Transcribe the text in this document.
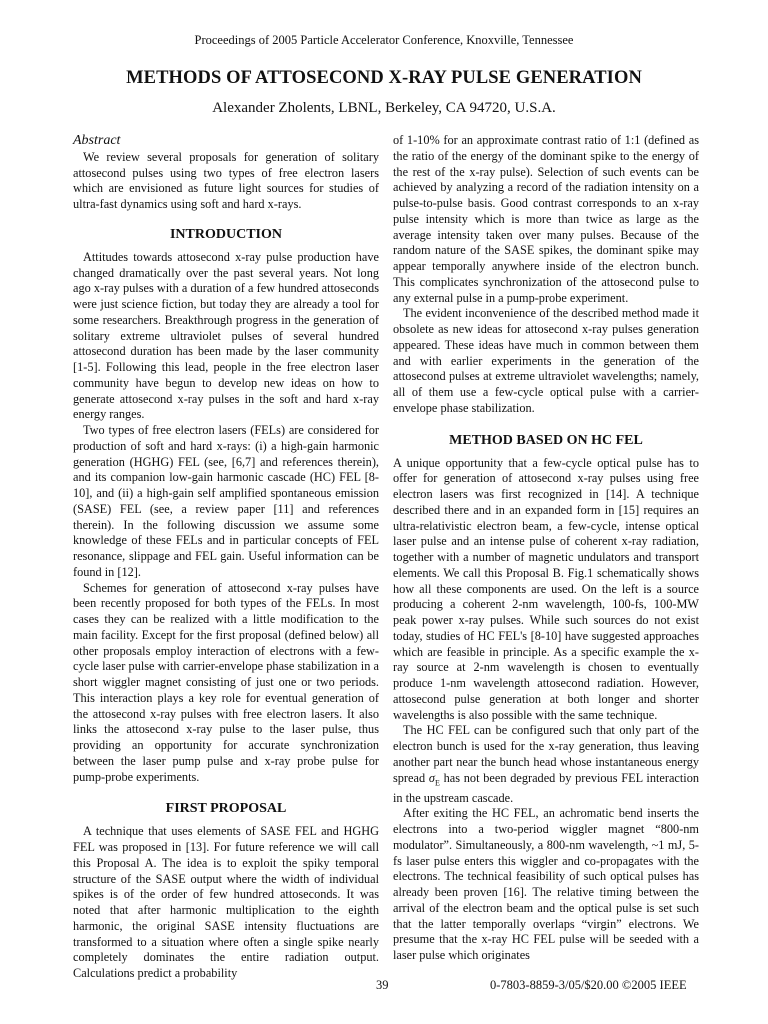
Proceedings of 2005 Particle Accelerator Conference, Knoxville, Tennessee
METHODS OF ATTOSECOND X-RAY PULSE GENERATION
Alexander Zholents, LBNL, Berkeley, CA 94720, U.S.A.
Abstract

We review several proposals for generation of solitary attosecond pulses using two types of free electron lasers which are envisioned as future light sources for studies of ultra-fast dynamics using soft and hard x-rays.

INTRODUCTION

Attitudes towards attosecond x-ray pulse production have changed dramatically over the past several years. Not long ago x-ray pulses with a duration of a few hundred attoseconds were just science fiction, but today they are already a tool for some researchers. Breakthrough progress in the generation of solitary extreme ultraviolet pulses of several hundred attosecond duration has been made by the laser community [1-5]. Following this lead, people in the free electron laser community have begun to develop new ideas on how to generate attosecond x-ray pulses in the soft and hard x-ray energy ranges.

Two types of free electron lasers (FELs) are considered for production of soft and hard x-rays: (i) a high-gain harmonic generation (HGHG) FEL (see, [6,7] and references therein), and its companion low-gain harmonic cascade (HC) FEL [8-10], and (ii) a high-gain self amplified spontaneous emission (SASE) FEL (see, a review paper [11] and references therein). In the following discussion we assume some knowledge of these FELs and in particular concepts of FEL resonance, slippage and FEL gain. Useful information can be found in [12].

Schemes for generation of attosecond x-ray pulses have been recently proposed for both types of the FELs. In most cases they can be realized with a little modification to the main facility. Except for the first proposal (defined below) all other proposals employ interaction of electrons with a few-cycle laser pulse with carrier-envelope phase stabilization in a short wiggler magnet consisting of just one or two periods. This interaction plays a key role for eventual generation of the attosecond x-ray pulses with free electron lasers. It also links the attosecond x-ray pulse to the laser pulse, thus providing an opportunity for accurate synchronization between the laser pump pulse and x-ray probe pulse for pump-probe experiments.

FIRST PROPOSAL

A technique that uses elements of SASE FEL and HGHG FEL was proposed in [13]. For future reference we will call this Proposal A. The idea is to exploit the spiky temporal structure of the SASE output where the width of individual spikes is of the order of few hundred attoseconds. It was noted that after harmonic multiplication to the eighth harmonic, the original SASE intensity fluctuations are transformed to a situation where often a single spike nearly completely dominates the entire radiation output. Calculations predict a probability

of 1-10% for an approximate contrast ratio of 1:1 (defined as the ratio of the energy of the dominant spike to the energy of the rest of the x-ray pulse). Selection of such events can be achieved by analyzing a record of the radiation intensity on a pulse-to-pulse basis. Good contrast corresponds to an x-ray pulse intensity which is more than twice as large as the average intensity taken over many pulses. Because of the random nature of the SASE spikes, the dominant spike may appear temporally anywhere inside of the electron bunch. This complicates synchronization of the attosecond pulse to any external pulse in a pump-probe experiment.

The evident inconvenience of the described method made it obsolete as new ideas for attosecond x-ray pulses generation appeared. These ideas have much in common between them and with earlier experiments in the generation of the attosecond pulses at extreme ultraviolet wavelengths; namely, all of them use a few-cycle optical pulse with a carrier-envelope phase stabilization.

METHOD BASED ON HC FEL

A unique opportunity that a few-cycle optical pulse has to offer for generation of attosecond x-ray pulses using free electron lasers was first recognized in [14]. A technique described there and in an expanded form in [15] requires an ultra-relativistic electron beam, a few-cycle, intense optical laser pulse and an intense pulse of coherent x-ray radiation, together with a number of magnetic undulators and transport elements. We call this Proposal B. Fig.1 schematically shows how all these components are used. On the left is a source producing a coherent 2-nm wavelength, 100-fs, 100-MW peak power x-ray pulses. While such sources do not exist today, studies of HC FEL's [8-10] have suggested approaches which are feasible in principle. As a specific example the x-ray source at 2-nm wavelength is chosen to eventually produce 1-nm wavelength attosecond radiation. However, attosecond pulse generation at both longer and shorter wavelengths is also possible with the same technique.

The HC FEL can be configured such that only part of the electron bunch is used for the x-ray generation, thus leaving another part near the bunch head whose instantaneous energy spread $\sigma_E$ has not been degraded by previous FEL interaction in the upstream cascade.

After exiting the HC FEL, an achromatic bend inserts the electrons into a two-period wiggler magnet “800-nm modulator”. Simultaneously, a 800-nm wavelength, ~1 mJ, 5-fs laser pulse enters this wiggler and co-propagates with the electrons. The technical feasibility of such optical pulses has already been proven [16]. The relative timing between the arrival of the electron beam and the optical pulse is set such that the latter temporally overlaps “virgin” electrons. We presume that the x-ray HC FEL pulse will be seeded with a laser pulse which originates

39	0-7803-8859-3/05/$20.00 ©2005 IEEE
